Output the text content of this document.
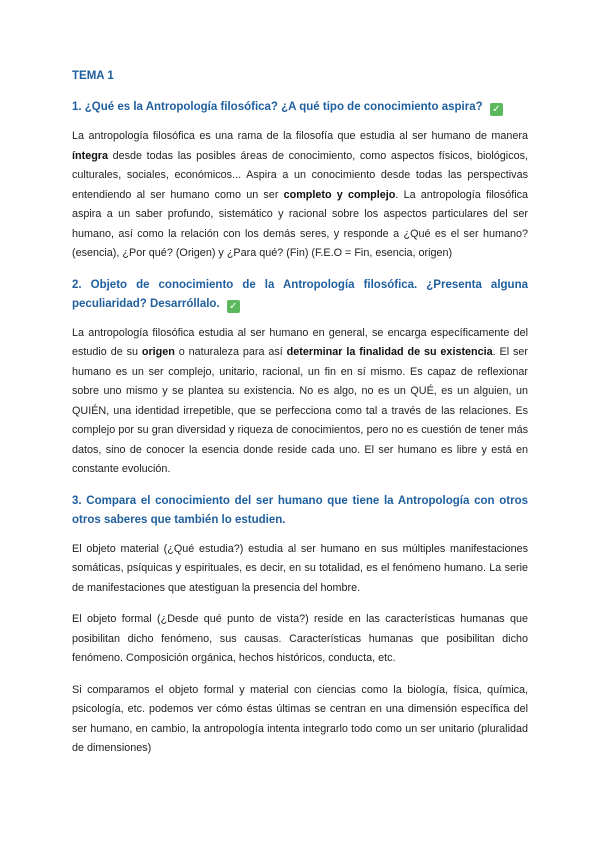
TEMA 1
1. ¿Qué es la Antropología filosófica? ¿A qué tipo de conocimiento aspira? ✓

La antropología filosófica es una rama de la filosofía que estudia al ser humano de manera íntegra desde todas las posibles áreas de conocimiento, como aspectos físicos, biológicos, culturales, sociales, económicos... Aspira a un conocimiento desde todas las perspectivas entendiendo al ser humano como un ser completo y complejo. La antropología filosófica aspira a un saber profundo, sistemático y racional sobre los aspectos particulares del ser humano, así como la relación con los demás seres, y responde a ¿Qué es el ser humano? (esencia), ¿Por qué? (Origen) y ¿Para qué? (Fin) (F.E.O = Fin, esencia, origen)

2. Objeto de conocimiento de la Antropología filosófica. ¿Presenta alguna peculiaridad? Desarróllalo. ✓

La antropología filosófica estudia al ser humano en general, se encarga específicamente del estudio de su origen o naturaleza para así determinar la finalidad de su existencia. El ser humano es un ser complejo, unitario, racional, un fin en sí mismo. Es capaz de reflexionar sobre uno mismo y se plantea su existencia. No es algo, no es un QUÉ, es un alguien, un QUIÉN, una identidad irrepetible, que se perfecciona como tal a través de las relaciones. Es complejo por su gran diversidad y riqueza de conocimientos, pero no es cuestión de tener más datos, sino de conocer la esencia donde reside cada uno. El ser humano es libre y está en constante evolución.

3. Compara el conocimiento del ser humano que tiene la Antropología con otros otros saberes que también lo estudien.

El objeto material (¿Qué estudia?) estudia al ser humano en sus múltiples manifestaciones somáticas, psíquicas y espirituales, es decir, en su totalidad, es el fenómeno humano. La serie de manifestaciones que atestiguan la presencia del hombre.

El objeto formal (¿Desde qué punto de vista?) reside en las características humanas que posibilitan dicho fenómeno, sus causas. Características humanas que posibilitan dicho fenómeno. Composición orgánica, hechos históricos, conducta, etc.

Si comparamos el objeto formal y material con ciencias como la biología, física, química, psicología, etc. podemos ver cómo éstas últimas se centran en una dimensión específica del ser humano, en cambio, la antropología intenta integrarlo todo como un ser unitario (pluralidad de dimensiones)
